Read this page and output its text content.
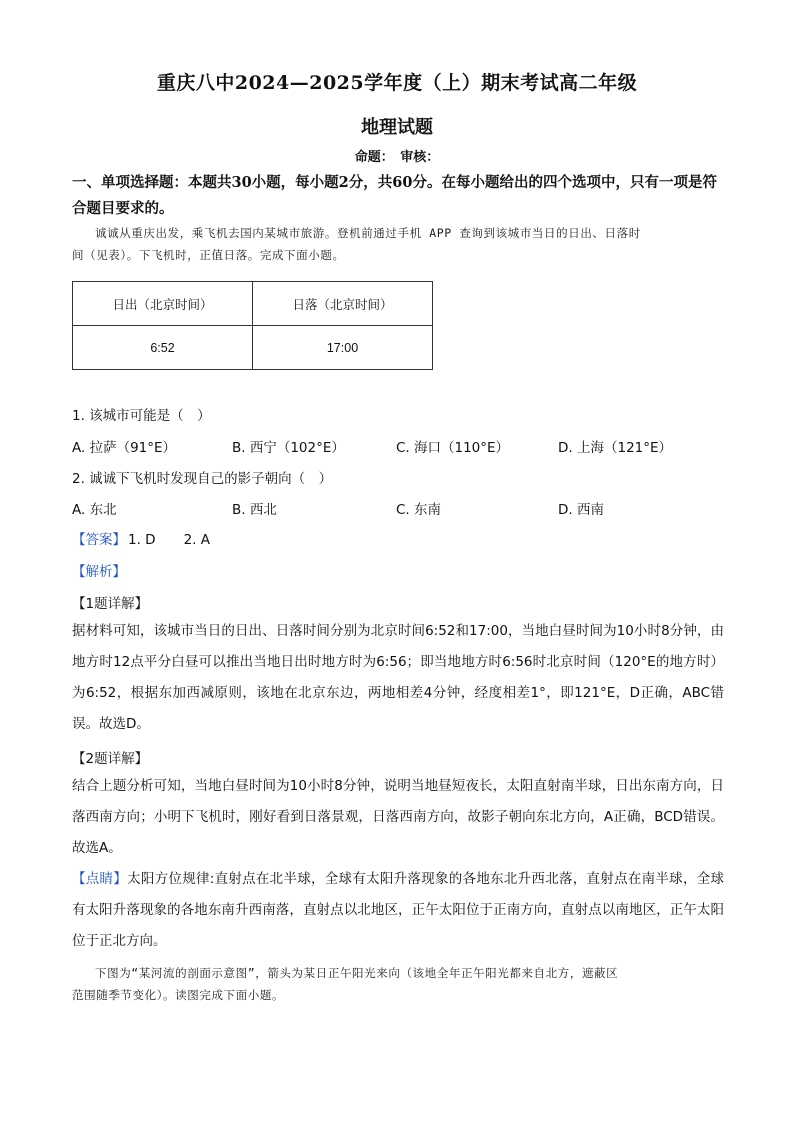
重庆八中2024—2025学年度（上）期末考试高二年级
地理试题
命题：　审核：
一、单项选择题：本题共30小题，每小题2分，共60分。在每小题给出的四个选项中，只有一项是符合题目要求的。

诚诚从重庆出发，乘飞机去国内某城市旅游。登机前通过手机 APP 查询到该城市当日的日出、日落时

间（见表）。下飞机时，正值日落。完成下面小题。

日出（北京时间）	日落（北京时间）
6:52	17:00
1. 该城市可能是（　）
A. 拉萨（91°E）	B. 西宁（102°E）	C. 海口（110°E）	D. 上海（121°E）
2. 诚诚下飞机时发现自己的影子朝向（　）
A. 东北	B. 西北	C. 东南	D. 西南
【答案】 1. D 2. A
【解析】
【1题详解】
据材料可知，该城市当日的日出、日落时间分别为北京时间6:52和17:00，当地白昼时间为10小时8分钟，由地方时12点平分白昼可以推出当地日出时地方时为6:56；即当地地方时6:56时北京时间（120°E的地方时）为6:52，根据东加西减原则，该地在北京东边，两地相差4分钟，经度相差1°，即121°E，D正确，ABC错误。故选D。
【2题详解】
结合上题分析可知，当地白昼时间为10小时8分钟，说明当地昼短夜长，太阳直射南半球，日出东南方向，日落西南方向；小明下飞机时，刚好看到日落景观，日落西南方向，故影子朝向东北方向，A正确，BCD错误。故选A。
【点睛】太阳方位规律:直射点在北半球，全球有太阳升落现象的各地东北升西北落，直射点在南半球，全球有太阳升落现象的各地东南升西南落，直射点以北地区，正午太阳位于正南方向，直射点以南地区，正午太阳位于正北方向。

下图为“某河流的剖面示意图”，箭头为某日正午阳光来向（该地全年正午阳光都来自北方，遮蔽区

范围随季节变化）。读图完成下面小题。
